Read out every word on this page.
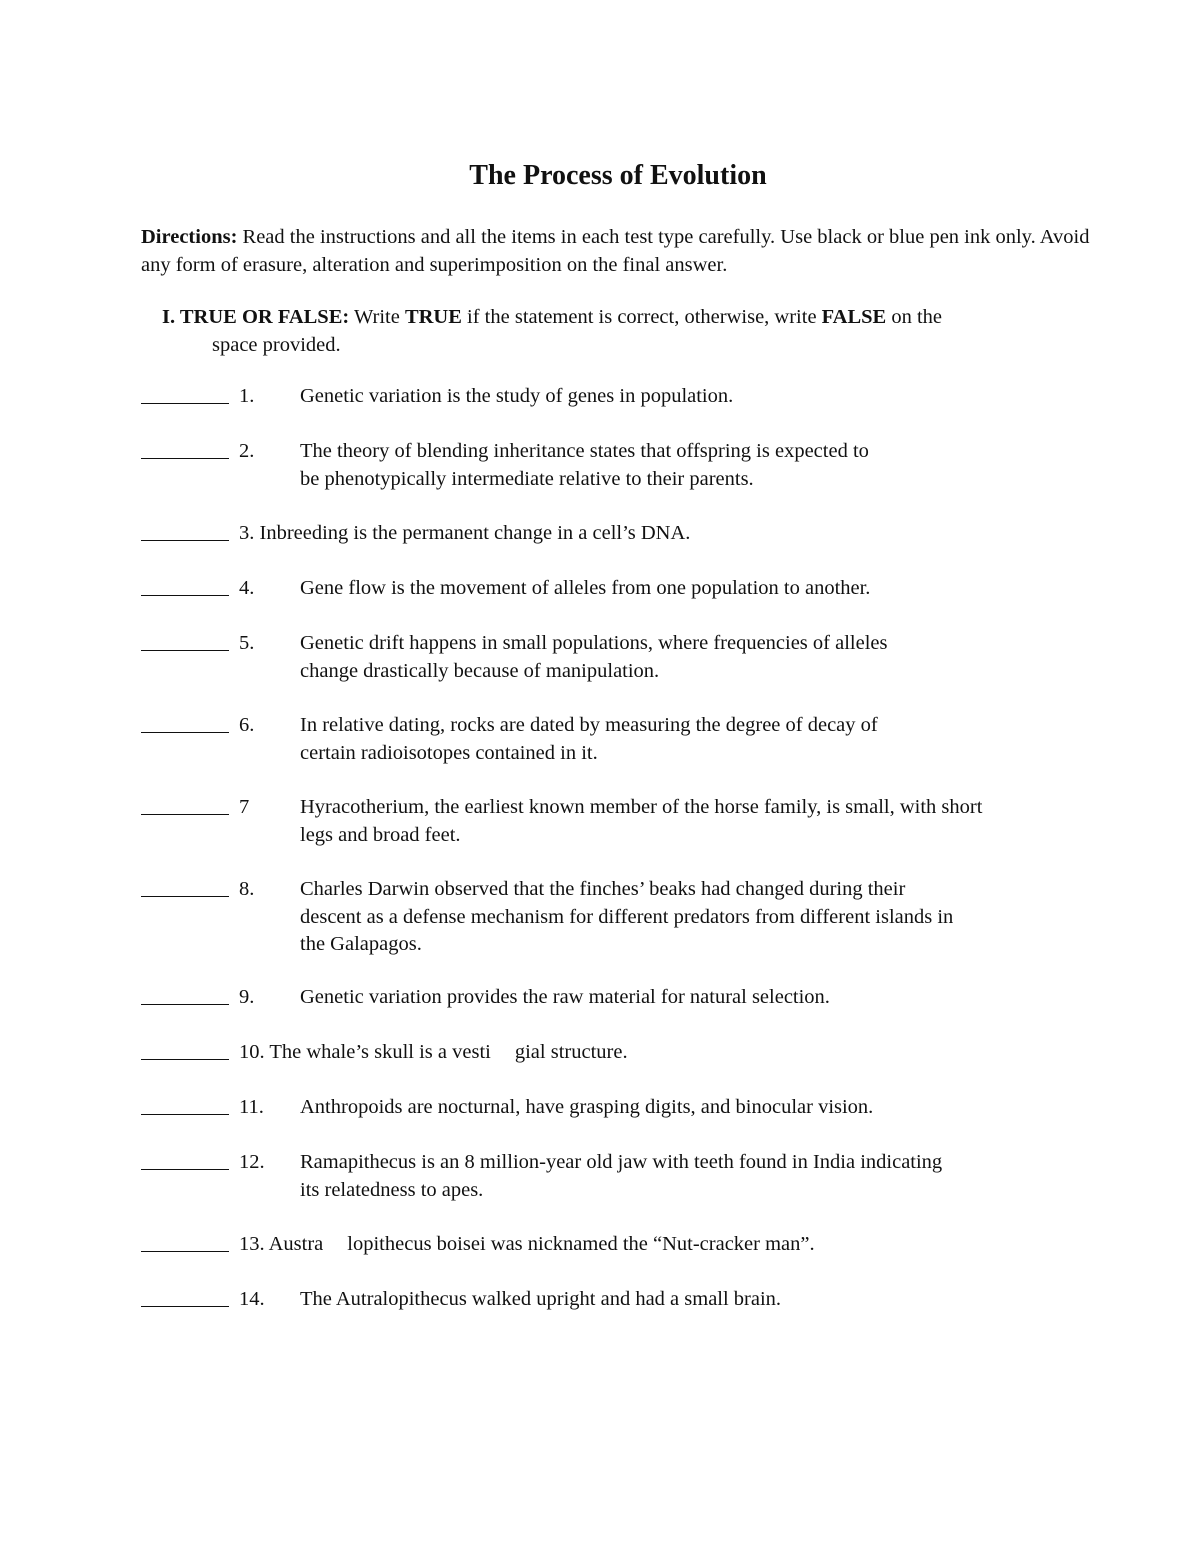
The Process of Evolution
Directions: Read the instructions and all the items in each test type carefully. Use black or blue pen ink only. Avoid any form of erasure, alteration and superimposition on the final answer.
I. TRUE OR FALSE: Write TRUE if the statement is correct, otherwise, write FALSE on the
space provided.
1. Genetic variation is the study of genes in population.
2. The theory of blending inheritance states that offspring is expected to
be phenotypically intermediate relative to their parents.
3. Inbreeding is the permanent change in a cell’s DNA.
4. Gene flow is the movement of alleles from one population to another.
5. Genetic drift happens in small populations, where frequencies of alleles
change drastically because of manipulation.
6. In relative dating, rocks are dated by measuring the degree of decay of
certain radioisotopes contained in it.
7 Hyracotherium, the earliest known member of the horse family, is small, with short
legs and broad feet.
8. Charles Darwin observed that the finches’ beaks had changed during their
descent as a defense mechanism for different predators from different islands in
the Galapagos.
9. Genetic variation provides the raw material for natural selection.
10. The whale’s skull is a vesti gial structure.
11. Anthropoids are nocturnal, have grasping digits, and binocular vision.
12. Ramapithecus is an 8 million-year old jaw with teeth found in India indicating
its relatedness to apes.
13. Austra lopithecus boisei was nicknamed the “Nut-cracker man”.
14. The Autralopithecus walked upright and had a small brain.
